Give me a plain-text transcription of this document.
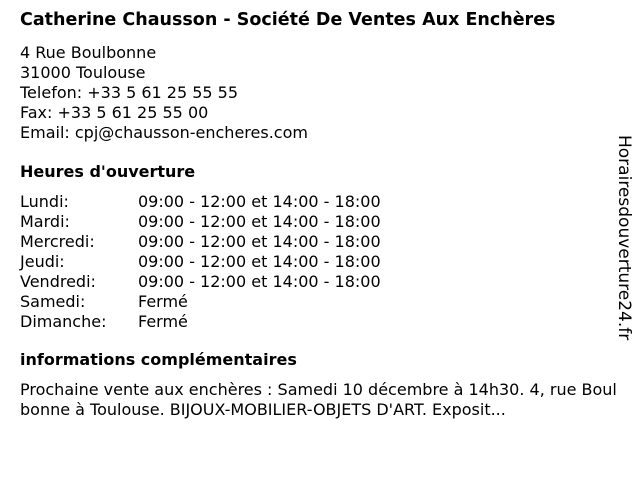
Catherine Chausson - Société De Ventes Aux Enchères
4 Rue Boulbonne
31000 Toulouse
Telefon: +33 5 61 25 55 55
Fax: +33 5 61 25 55 00
Email: cpj@chausson-encheres.com
Heures d'ouverture
Lundi:	09:00 - 12:00 et 14:00 - 18:00
Mardi:	09:00 - 12:00 et 14:00 - 18:00
Mercredi:	09:00 - 12:00 et 14:00 - 18:00
Jeudi:	09:00 - 12:00 et 14:00 - 18:00
Vendredi:	09:00 - 12:00 et 14:00 - 18:00
Samedi:	Fermé
Dimanche:	Fermé
informations complémentaires
Prochaine vente aux enchères : Samedi 10 décembre à 14h30. 4, rue Boulbonne à Toulouse. BIJOUX-MOBILIER-OBJETS D'ART. Exposit...
Horairesdouverture24.fr
